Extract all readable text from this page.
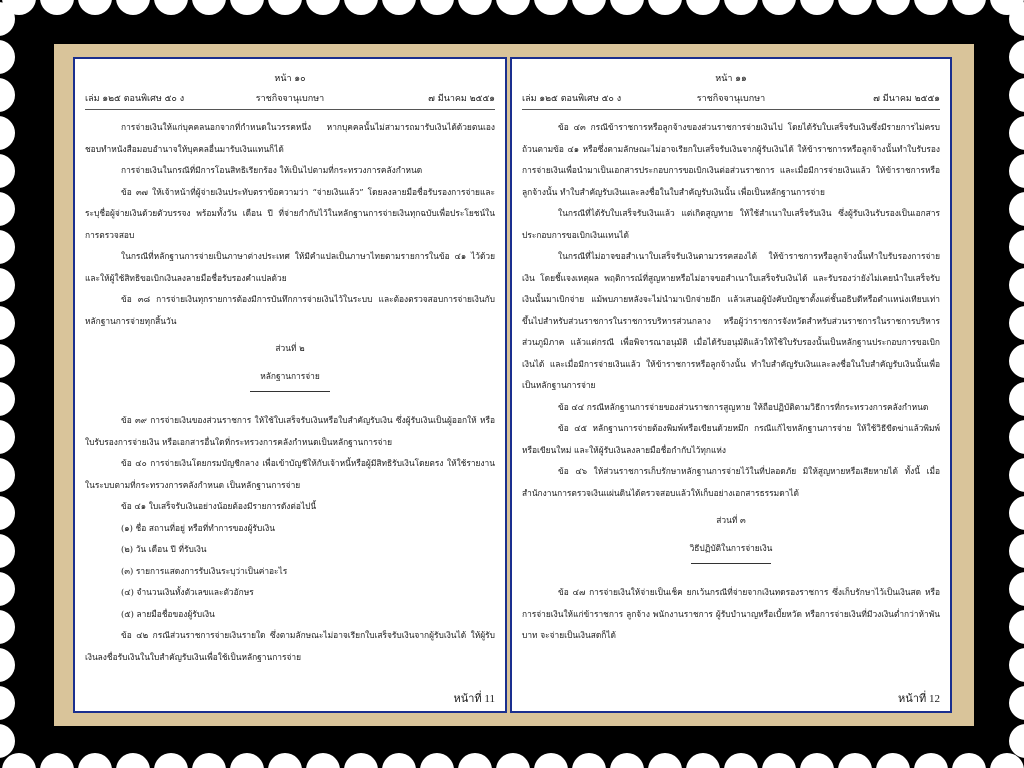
หน้า ๑๐
เล่ม ๑๒๕ ตอนพิเศษ ๕๐ ง	ราชกิจจานุเบกษา	๗ มีนาคม ๒๕๕๑

การจ่ายเงินให้แก่บุคคลนอกจากที่กำหนดในวรรคหนึ่ง หากบุคคลนั้นไม่สามารถมารับเงินได้ด้วยตนเอง ชอบทำหนังสือมอบอำนาจให้บุคคลอื่นมารับเงินแทนก็ได้

การจ่ายเงินในกรณีที่มีการโอนสิทธิเรียกร้อง ให้เป็นไปตามที่กระทรวงการคลังกำหนด

ข้อ ๓๗ ให้เจ้าหน้าที่ผู้จ่ายเงินประทับตราข้อความว่า “จ่ายเงินแล้ว” โดยลงลายมือชื่อรับรองการจ่ายและระบุชื่อผู้จ่ายเงินด้วยตัวบรรจง พร้อมทั้งวัน เดือน ปี ที่จ่ายกำกับไว้ในหลักฐานการจ่ายเงินทุกฉบับเพื่อประโยชน์ในการตรวจสอบ

ในกรณีที่หลักฐานการจ่ายเป็นภาษาต่างประเทศ ให้มีคำแปลเป็นภาษาไทยตามรายการในข้อ ๔๑ ไว้ด้วย และให้ผู้ใช้สิทธิขอเบิกเงินลงลายมือชื่อรับรองคำแปลด้วย

ข้อ ๓๘ การจ่ายเงินทุกรายการต้องมีการบันทึกการจ่ายเงินไว้ในระบบ และต้องตรวจสอบการจ่ายเงินกับหลักฐานการจ่ายทุกสิ้นวัน

ส่วนที่ ๒

หลักฐานการจ่าย

ข้อ ๓๙ การจ่ายเงินของส่วนราชการ ให้ใช้ใบเสร็จรับเงินหรือใบสำคัญรับเงิน ซึ่งผู้รับเงินเป็นผู้ออกให้ หรือใบรับรองการจ่ายเงิน หรือเอกสารอื่นใดที่กระทรวงการคลังกำหนดเป็นหลักฐานการจ่าย

ข้อ ๔๐ การจ่ายเงินโดยกรมบัญชีกลาง เพื่อเข้าบัญชีให้กับเจ้าหนี้หรือผู้มีสิทธิรับเงินโดยตรง ให้ใช้รายงานในระบบตามที่กระทรวงการคลังกำหนด เป็นหลักฐานการจ่าย

ข้อ ๔๑ ใบเสร็จรับเงินอย่างน้อยต้องมีรายการดังต่อไปนี้

(๑) ชื่อ สถานที่อยู่ หรือที่ทำการของผู้รับเงิน

(๒) วัน เดือน ปี ที่รับเงิน

(๓) รายการแสดงการรับเงินระบุว่าเป็นค่าอะไร

(๔) จำนวนเงินทั้งตัวเลขและตัวอักษร

(๕) ลายมือชื่อของผู้รับเงิน

ข้อ ๔๒ กรณีส่วนราชการจ่ายเงินรายใด ซึ่งตามลักษณะไม่อาจเรียกใบเสร็จรับเงินจากผู้รับเงินได้ ให้ผู้รับเงินลงชื่อรับเงินในใบสำคัญรับเงินเพื่อใช้เป็นหลักฐานการจ่าย

หน้าที่ 11
หน้า ๑๑
เล่ม ๑๒๕ ตอนพิเศษ ๕๐ ง	ราชกิจจานุเบกษา	๗ มีนาคม ๒๕๕๑

ข้อ ๔๓ กรณีข้าราชการหรือลูกจ้างของส่วนราชการจ่ายเงินไป โดยได้รับใบเสร็จรับเงินซึ่งมีรายการไม่ครบถ้วนตามข้อ ๔๑ หรือซึ่งตามลักษณะไม่อาจเรียกใบเสร็จรับเงินจากผู้รับเงินได้ ให้ข้าราชการหรือลูกจ้างนั้นทำใบรับรองการจ่ายเงินเพื่อนำมาเป็นเอกสารประกอบการขอเบิกเงินต่อส่วนราชการ และเมื่อมีการจ่ายเงินแล้ว ให้ข้าราชการหรือลูกจ้างนั้น ทำใบสำคัญรับเงินและลงชื่อในใบสำคัญรับเงินนั้น เพื่อเป็นหลักฐานการจ่าย

ในกรณีที่ได้รับใบเสร็จรับเงินแล้ว แต่เกิดสูญหาย ให้ใช้สำเนาใบเสร็จรับเงิน ซึ่งผู้รับเงินรับรองเป็นเอกสารประกอบการขอเบิกเงินแทนได้

ในกรณีที่ไม่อาจขอสำเนาใบเสร็จรับเงินตามวรรคสองได้ ให้ข้าราชการหรือลูกจ้างนั้นทำใบรับรองการจ่ายเงิน โดยชี้แจงเหตุผล พฤติการณ์ที่สูญหายหรือไม่อาจขอสำเนาใบเสร็จรับเงินได้ และรับรองว่ายังไม่เคยนำใบเสร็จรับเงินนั้นมาเบิกจ่าย แม้พบภายหลังจะไม่นำมาเบิกจ่ายอีก แล้วเสนอผู้บังคับบัญชาตั้งแต่ชั้นอธิบดีหรือตำแหน่งเทียบเท่าขึ้นไปสำหรับส่วนราชการในราชการบริหารส่วนกลาง หรือผู้ว่าราชการจังหวัดสำหรับส่วนราชการในราชการบริหารส่วนภูมิภาค แล้วแต่กรณี เพื่อพิจารณาอนุมัติ เมื่อได้รับอนุมัติแล้วให้ใช้ใบรับรองนั้นเป็นหลักฐานประกอบการขอเบิกเงินได้ และเมื่อมีการจ่ายเงินแล้ว ให้ข้าราชการหรือลูกจ้างนั้น ทำใบสำคัญรับเงินและลงชื่อในใบสำคัญรับเงินนั้นเพื่อเป็นหลักฐานการจ่าย

ข้อ ๔๔ กรณีหลักฐานการจ่ายของส่วนราชการสูญหาย ให้ถือปฏิบัติตามวิธีการที่กระทรวงการคลังกำหนด

ข้อ ๔๕ หลักฐานการจ่ายต้องพิมพ์หรือเขียนด้วยหมึก กรณีแก้ไขหลักฐานการจ่าย ให้ใช้วิธีขีดฆ่าแล้วพิมพ์หรือเขียนใหม่ และให้ผู้รับเงินลงลายมือชื่อกำกับไว้ทุกแห่ง

ข้อ ๔๖ ให้ส่วนราชการเก็บรักษาหลักฐานการจ่ายไว้ในที่ปลอดภัย มิให้สูญหายหรือเสียหายได้ ทั้งนี้ เมื่อสำนักงานการตรวจเงินแผ่นดินได้ตรวจสอบแล้วให้เก็บอย่างเอกสารธรรมดาได้

ส่วนที่ ๓

วิธีปฏิบัติในการจ่ายเงิน

ข้อ ๔๗ การจ่ายเงินให้จ่ายเป็นเช็ค ยกเว้นกรณีที่จ่ายจากเงินทดรองราชการ ซึ่งเก็บรักษาไว้เป็นเงินสด หรือการจ่ายเงินให้แก่ข้าราชการ ลูกจ้าง พนักงานราชการ ผู้รับบำนาญหรือเบี้ยหวัด หรือการจ่ายเงินที่มีวงเงินต่ำกว่าห้าพันบาท จะจ่ายเป็นเงินสดก็ได้

หน้าที่ 12
